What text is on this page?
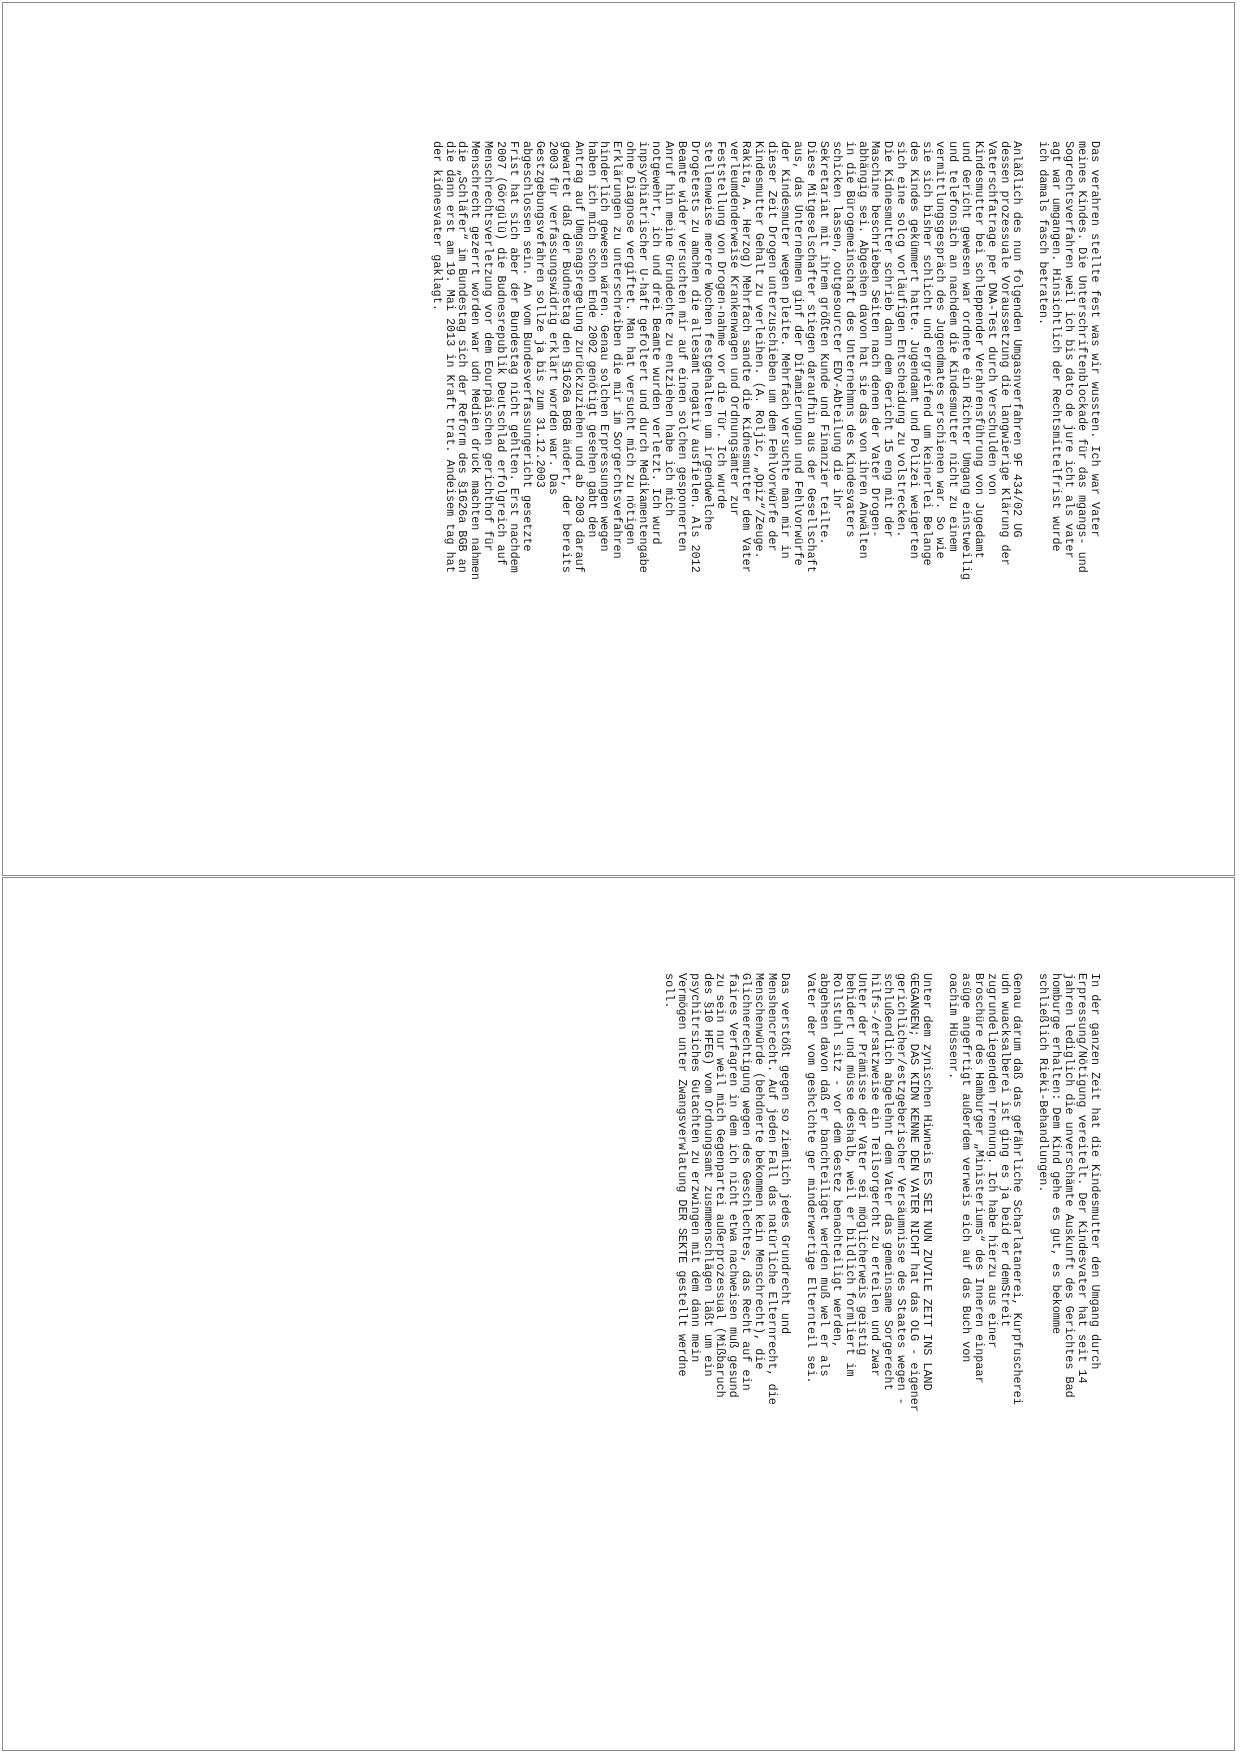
Das verahren stellte fest was wir wussten. Ich war Vater
meines Kindes. Die Unterschriftenblockade für das mgangs- und
Sogrechtsverfahren weil ich bis dato de jure icht als vater
agt war umgangen. Hinsichtlich der Rechtsmittelfrist wurde
ich damals fasch betraten.

Anläßlich des nun folgenden Umgasnverfahren 9F 434/02 UG
dessen prozessuale Voraussetzung die langwierige Klärung der
Vaterschfatrage per DNA-Test durch Verschulden von
Kindesmutter bei schleppender Verahrensführung von Jugedamt
und Gericht gewesen war ordnete ein Richter Umgang einstweilig
und telefonsich an nachdem die Kindesmutter nicht zu einem
vermittlungsgespräch des Jugendmates erschienen war. So wie
sie sich bisher schlicht und ergreifend um keinerlei Belange
des Kindes gekümmert hatte. Jugendamt und Polizei weigerten
sich eine solcg vorläufigen Entscheidung zu volstrecken.
Die Kidnesmutter schrieb dann dem Gericht 15 eng mit der
Maschine beschrieben Seiten nach denen der Vater Drogen-
abhängig sei. Abgeshen davon hat sie das von ihren Anwälten
in die Bürogemeinschaft des Unternehmns des Kindesvaters
schicken lassen, outgesourcter EDV-Abteilung die ihr
Sekretariat mit ihrem größten Kunde und Finanzier teilte.
Diese Mitgeselschafter stiegen daraufhin aus der Gesellschaft
aus, das Unternehmen ginf der Difamierungun und Fehlvorwürfe
der Kindesmuter wegen pleite. Mehrfach versuchte man mir in
dieser Zeit Drogen unterzuschieben um dem Fehlvorwürfe der
Kindesmutter Gehalt zu verleihen. (A. Roljic, „Opiz“/Zeuge.
Rakita, A. Herzog) Mehrfach sandte die Kidnesmutter dem Vater
verleumdenderweise Krankenwagen und Ordnungsämter zur
Feststellung von Drogen-nahme vor die Tür. Ich wurde
stellenweise merere Wochen festgehalten um irgendwelche
Drogetests zu amchen die allesamt negativ ausfielen. Als 2012
Beamte wider versuchten mir auf einen solchen gesponnerten
Anruf hin meine Grundechte zu entziehen habe ich mich
notgewehrt, ich und drei Beamte wurden verletzt. Ich wurd
inpsychiatrischer U-haft gefoltert und durch Medikamentengabe
ohne Diagnose vergiftet. Man hat versucht mich zu nötigen
Erklärungen zu unterschreiben die mir im Sorgerchtsvefahren
hinderlich gewesen wären. Genau solchen Erpressungen wegen
haben ich mich schon Ende 2002 genötigt gesehen gabt den
Antrag auf Umgsnagsregelung zurückzuziehen und ab 2003 darauf
gewartet daß der Budnestag den §1626a BGB ändert, der bereits
2003 für verfassungswidrig erklärt worden war. Das
Gestzgebungsvefahren sollze ja bis zum 31.12.2003
abgeschlossen sein. An vom Bundesverfassungericht gesetzte
Frist hat sich aber der Bundestag nicht gehlten. Erst nachdem
2007 (Görgülü) die Budnesrepublik Deutschlad erfolgreich auf
Menschrechtsverletzung vor dem Eourpäischen gerichthof für
Menschrecht gezerrt worden war udn Medien druck machten nahmen
die „Schläfer“ im Bundestag sich der Reform des §1626a BGB an
die dann erst am 19. Mai 2013 in Kraft trat. Andeisem tag hat
der kidnesvater gaklagt.

In der ganzen Zeit hat die Kindesmutter den Umgang durch
Erpressung/Nötigung vereitelt. Der Kindesvater hat seit 14
jahren lediglich die unverschämte Auskunft des Gerichtes Bad
homburge erhalten: Dem Kind gehe es gut, es bekomme
schließlich Rieki-Behandlungen.

Genau darum daß das gefährliche Scharlatanerei, Kurpfuscherei
udn wuacksalberei ist ging es ja beid er demStreit
zugrundeliegenden Trennung. Ich habe hierzu aus einer
Broschüre des Hamburger „Ministeriums“ des Inneren einpaar
asüge angefrtigt außerdem verweis eich auf das Buch von
oachim Hüssenr.

Unter dem zynischen Hiwneis ES SEI NUN ZUVILE ZEIT INS LAND
GEGANGEN; DAS KIDN KENNE DEN VATER NICHT hat das OLG - eigener
gerichlicher/estzgeberischer Versäumnisse des Staates wegen -
schlußendlich abgelehnt dem Vater das gemeinsame Sorgerecht
hilfs-/ersatzweise ein Teilsorgercht zu erteilen und zwar
Unter der Prämisse der Vater sei möglicherweis geistig
behidert und müsse deshalb, weil er bildlich formliert im
Rollstuhl sitz - vor dem Gestez benachteiligt werden,
abgehsen davon daß er banchteiliget werden muß wel er als
Vater der vom geshclchte ger minderwertige Elternteil sei.

Das verstößt gegen so ziemlich jedes Grundrecht und
Menshencrecht. Auf jeden Fall das natürliche Elternrecht, die
Menschenwürde (behdnerte bekommen kein Menschrecht), die
Glichnerechtigung wegen des Geschlechtes, das Recht auf ein
faires Verfagren in dem ich nicht etwa nachweisen muß gesund
zu sein nur weil mich Gegenpartei außerprozessual (Mißbaruch
des §10 HFEG) vom Ordnungsamt zusmmenschlägen läßt um ein
psychitrsiches Gutachten zu erzwingen mit dem dann mein
Vermögen unter Zwangsverwlatung DER SEKTE gestellt werdne
soll.
